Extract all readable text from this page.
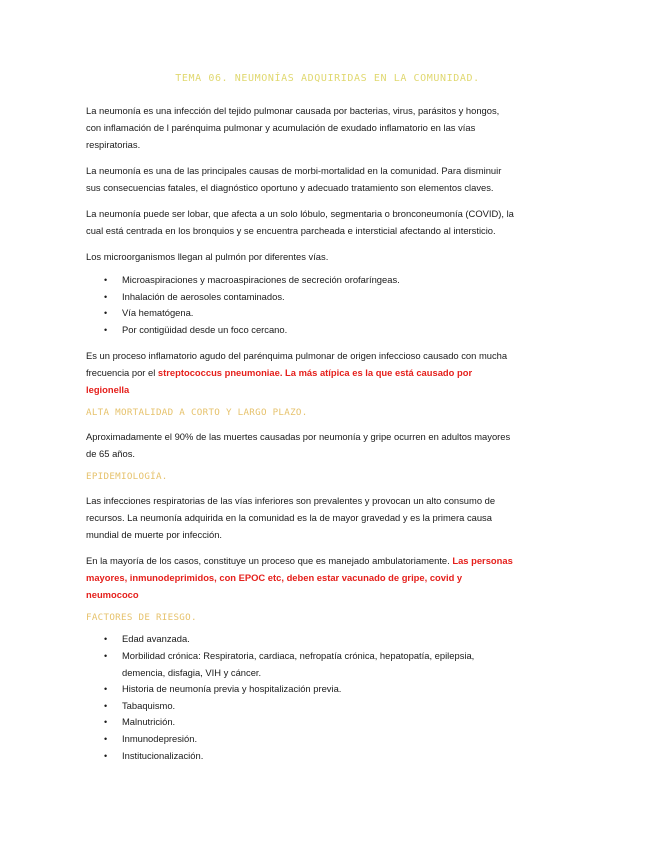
TEMA 06. NEUMONÍAS ADQUIRIDAS EN LA COMUNIDAD.

La neumonía es una infección del tejido pulmonar causada por bacterias, virus, parásitos y hongos, con inflamación de l parénquima pulmonar y acumulación de exudado inflamatorio en las vías respiratorias.

La neumonía es una de las principales causas de morbi-mortalidad en la comunidad. Para disminuir sus consecuencias fatales, el diagnóstico oportuno y adecuado tratamiento son elementos claves.

La neumonía puede ser lobar, que afecta a un solo lóbulo, segmentaria o bronconeumonía (COVID), la cual está centrada en los bronquios y se encuentra parcheada e intersticial afectando al intersticio.

Los microorganismos llegan al pulmón por diferentes vías.

• Microaspiraciones y macroaspiraciones de secreción orofaríngeas.
• Inhalación de aerosoles contaminados.
• Vía hematógena.
• Por contigüidad desde un foco cercano.

Es un proceso inflamatorio agudo del parénquima pulmonar de origen infeccioso causado con mucha frecuencia por el streptococcus pneumoniae. La más atípica es la que está causado por legionella

ALTA MORTALIDAD A CORTO Y LARGO PLAZO.

Aproximadamente el 90% de las muertes causadas por neumonía y gripe ocurren en adultos mayores de 65 años.

EPIDEMIOLOGÍA.

Las infecciones respiratorias de las vías inferiores son prevalentes y provocan un alto consumo de recursos. La neumonía adquirida en la comunidad es la de mayor gravedad y es la primera causa mundial de muerte por infección.

En la mayoría de los casos, constituye un proceso que es manejado ambulatoriamente. Las personas mayores, inmunodeprimidos, con EPOC etc, deben estar vacunado de gripe, covid y neumococo

FACTORES DE RIESGO.
• Edad avanzada.
• Morbilidad crónica: Respiratoria, cardiaca, nefropatía crónica, hepatopatía, epilepsia, demencia, disfagia, VIH y cáncer.
• Historia de neumonía previa y hospitalización previa.
• Tabaquismo.
• Malnutrición.
• Inmunodepresión.
• Institucionalización.
